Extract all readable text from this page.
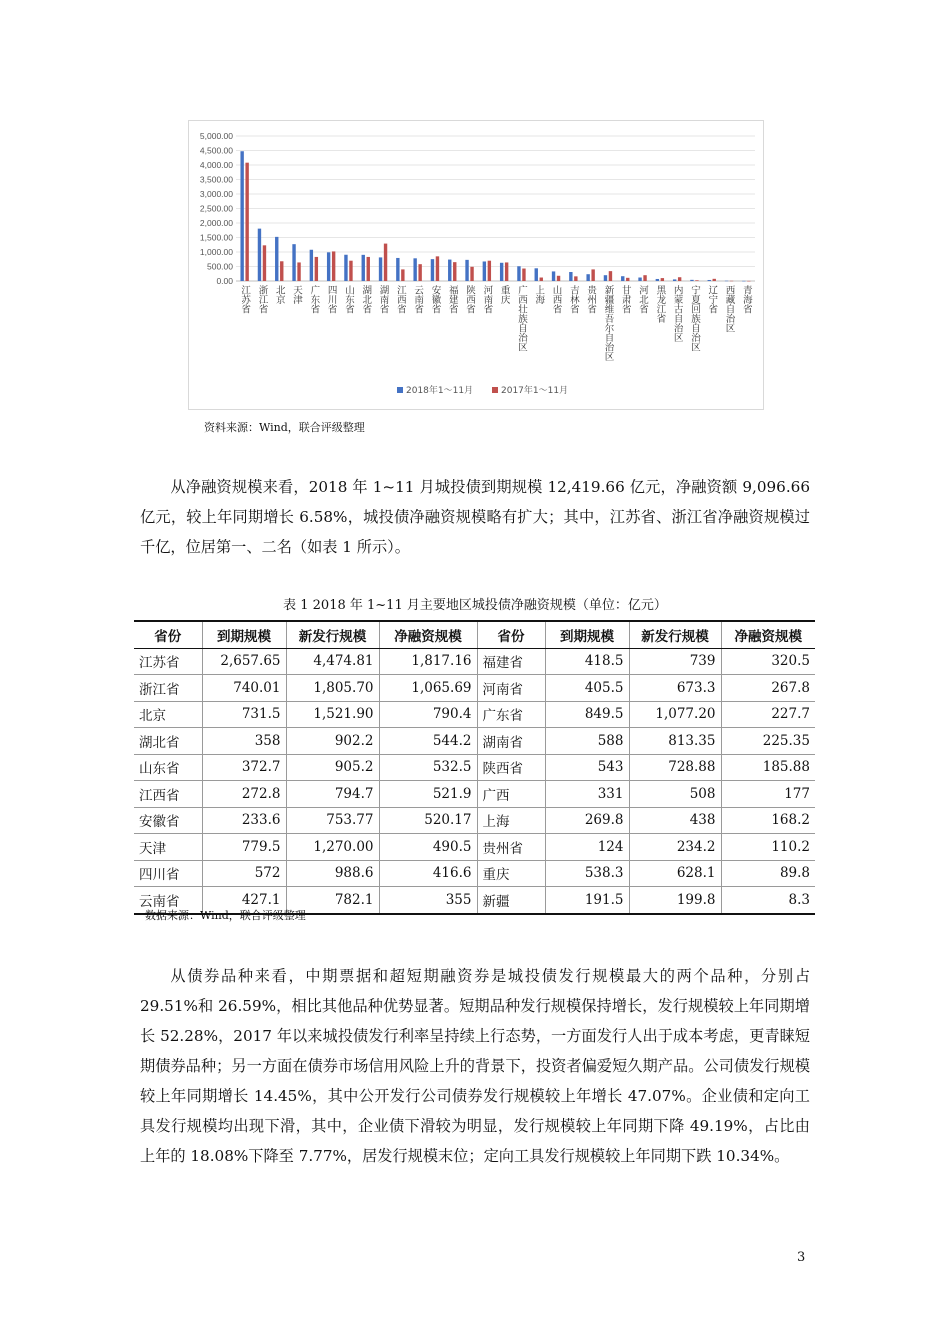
5,000.00
4,500.00
4,000.00
3,500.00
3,000.00
2,500.00
2,000.00
1,500.00
1,000.00
500.00
0.00
江苏省 浙江省 北京 天津 广东省 四川省 山东省 湖北省 湖南省 江西省 云南省 安徽省 福建省 陕西省 河南省 重庆 广西壮族自治区 上海 山西省 吉林省 贵州省 新疆维吾尔自治区 甘肃省 河北省 黑龙江省 内蒙古自治区 宁夏回族自治区 辽宁省 西藏自治区 青海省
2018年1～11月	2017年1～11月
资料来源：Wind，联合评级整理

从净融资规模来看，2018 年 1~11 月城投债到期规模 12,419.66 亿元，净融资额 9,096.66 亿元，较上年同期增长 6.58%，城投债净融资规模略有扩大；其中，江苏省、浙江省净融资规模过千亿，位居第一、二名（如表 1 所示）。

表 1 2018 年 1~11 月主要地区城投债净融资规模（单位：亿元）
省份	到期规模	新发行规模	净融资规模	省份	到期规模	新发行规模	净融资规模
江苏省	2,657.65	4,474.81	1,817.16	福建省	418.5	739	320.5
浙江省	740.01	1,805.70	1,065.69	河南省	405.5	673.3	267.8
北京	731.5	1,521.90	790.4	广东省	849.5	1,077.20	227.7
湖北省	358	902.2	544.2	湖南省	588	813.35	225.35
山东省	372.7	905.2	532.5	陕西省	543	728.88	185.88
江西省	272.8	794.7	521.9	广西	331	508	177
安徽省	233.6	753.77	520.17	上海	269.8	438	168.2
天津	779.5	1,270.00	490.5	贵州省	124	234.2	110.2
四川省	572	988.6	416.6	重庆	538.3	628.1	89.8
云南省	427.1	782.1	355	新疆	191.5	199.8	8.3
数据来源：Wind，联合评级整理

从债券品种来看，中期票据和超短期融资券是城投债发行规模最大的两个品种，分别占 29.51%和 26.59%，相比其他品种优势显著。短期品种发行规模保持增长，发行规模较上年同期增长 52.28%，2017 年以来城投债发行利率呈持续上行态势，一方面发行人出于成本考虑，更青睐短期债券品种；另一方面在债券市场信用风险上升的背景下，投资者偏爱短久期产品。公司债发行规模较上年同期增长 14.45%，其中公开发行公司债券发行规模较上年增长 47.07%。企业债和定向工具发行规模均出现下滑，其中，企业债下滑较为明显，发行规模较上年同期下降 49.19%，占比由上年的 18.08%下降至 7.77%，居发行规模末位；定向工具发行规模较上年同期下跌 10.34%。

3
